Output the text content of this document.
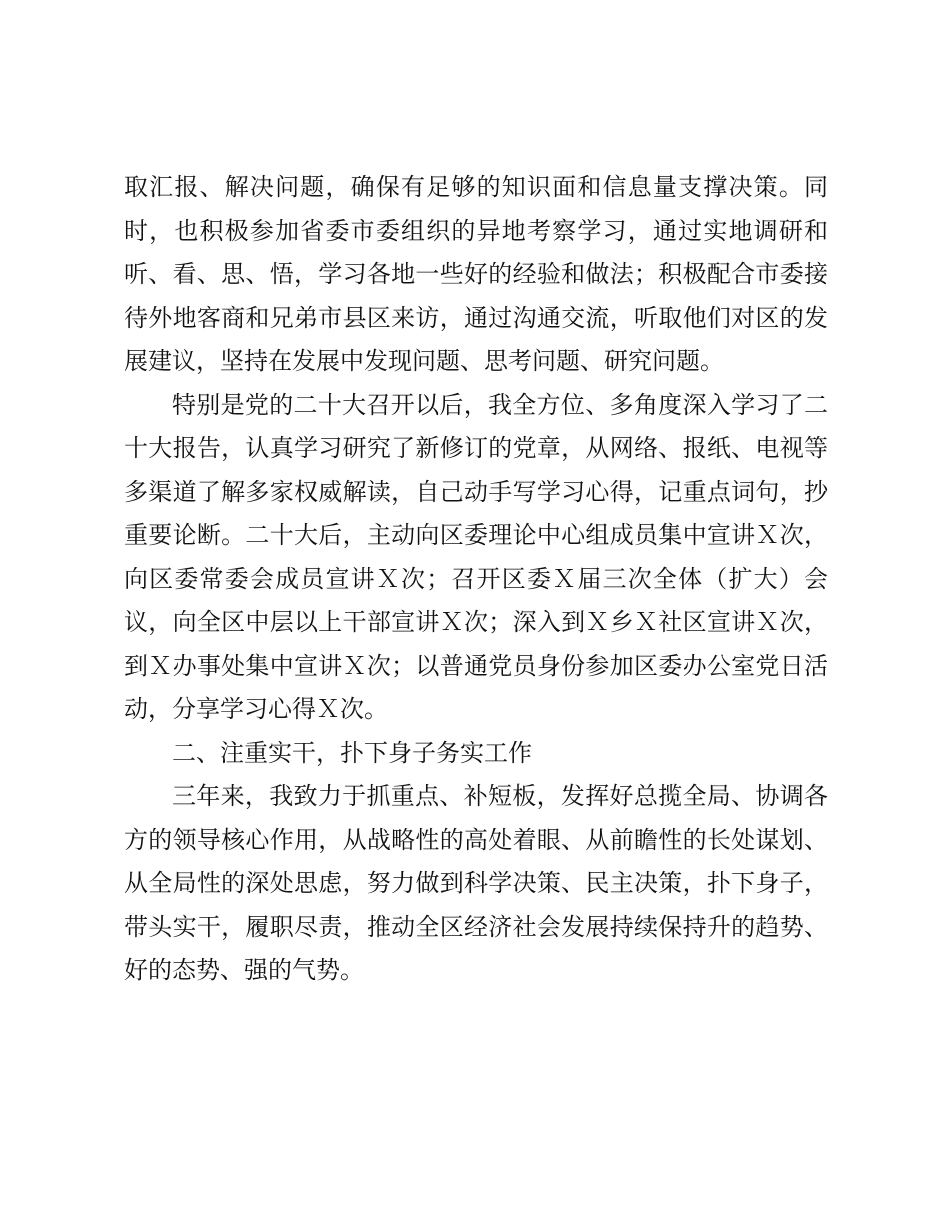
取汇报、解决问题，确保有足够的知识面和信息量支撑决策。同时，也积极参加省委市委组织的异地考察学习，通过实地调研和听、看、思、悟，学习各地一些好的经验和做法；积极配合市委接待外地客商和兄弟市县区来访，通过沟通交流，听取他们对区的发展建议，坚持在发展中发现问题、思考问题、研究问题。

特别是党的二十大召开以后，我全方位、多角度深入学习了二十大报告，认真学习研究了新修订的党章，从网络、报纸、电视等多渠道了解多家权威解读，自己动手写学习心得，记重点词句，抄重要论断。二十大后，主动向区委理论中心组成员集中宣讲Ｘ次，向区委常委会成员宣讲Ｘ次；召开区委Ｘ届三次全体（扩大）会议，向全区中层以上干部宣讲Ｘ次；深入到Ｘ乡Ｘ社区宣讲Ｘ次，到Ｘ办事处集中宣讲Ｘ次；以普通党员身份参加区委办公室党日活动，分享学习心得Ｘ次。

二、注重实干，扑下身子务实工作

三年来，我致力于抓重点、补短板，发挥好总揽全局、协调各方的领导核心作用，从战略性的高处着眼、从前瞻性的长处谋划、从全局性的深处思虑，努力做到科学决策、民主决策，扑下身子，带头实干，履职尽责，推动全区经济社会发展持续保持升的趋势、好的态势、强的气势。
